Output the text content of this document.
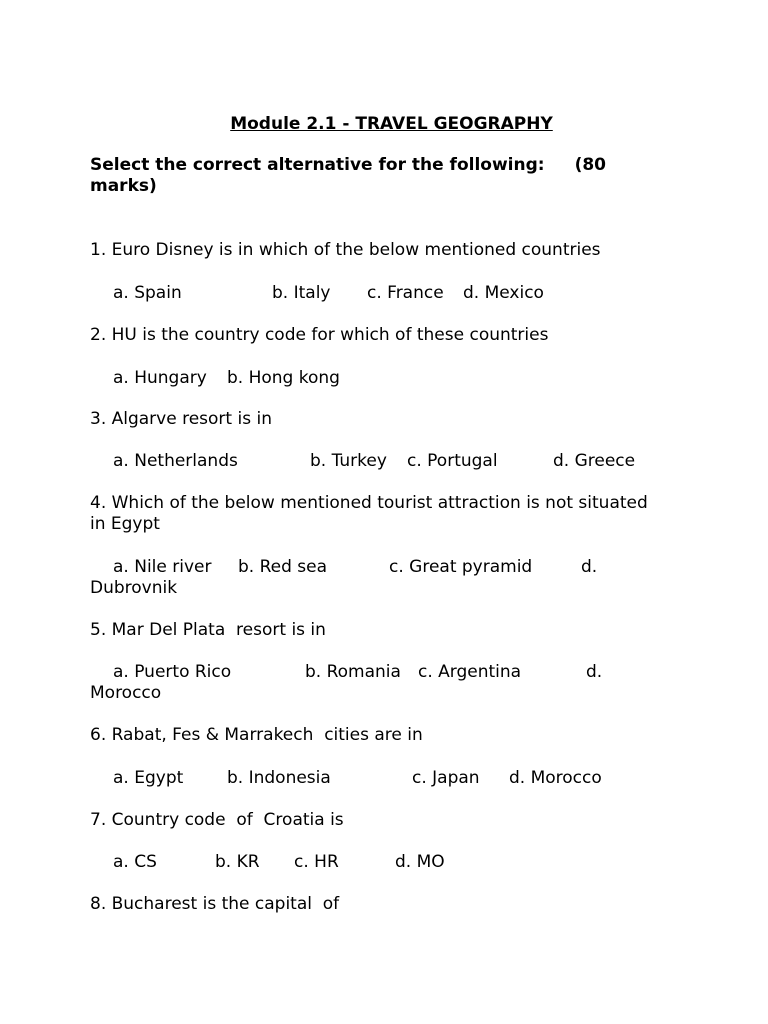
Module 2.1 - TRAVEL GEOGRAPHY
Select the correct alternative for the following: (80
marks)
1. Euro Disney is in which of the below mentioned countries
a. Spain	b. Italy c. France d. Mexico
2. HU is the country code for which of these countries
a. Hungary b. Hong kong
3. Algarve resort is in
a. Netherlands	b. Turkey c. Portugal	d. Greece
4. Which of the below mentioned tourist attraction is not situated
in Egypt
a. Nile river b. Red sea	c. Great pyramid	d.
Dubrovnik
5. Mar Del Plata  resort is in
a. Puerto Rico	b. Romania c. Argentina	d.
Morocco
6. Rabat, Fes & Marrakech  cities are in
a. Egypt	b. Indonesia	c. Japan d. Morocco
7. Country code  of  Croatia is
a. CS	b. KR c. HR	d. MO
8. Bucharest is the capital  of
